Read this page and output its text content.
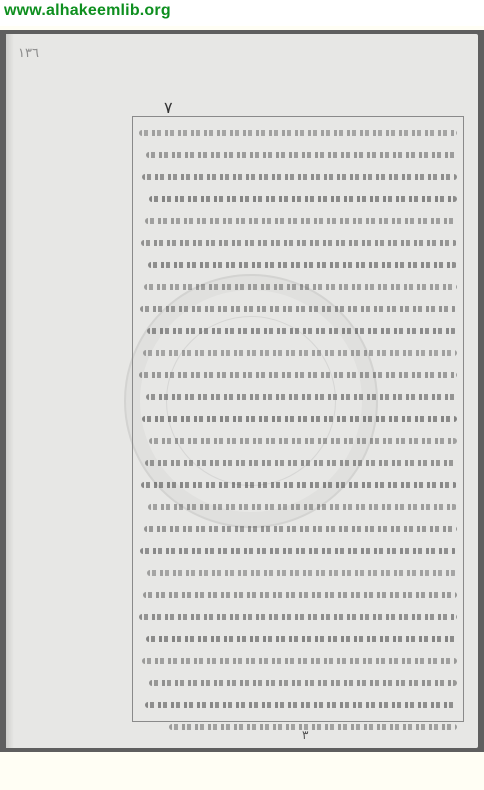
www.alhakeemlib.org
١٣٦
٧
٣
